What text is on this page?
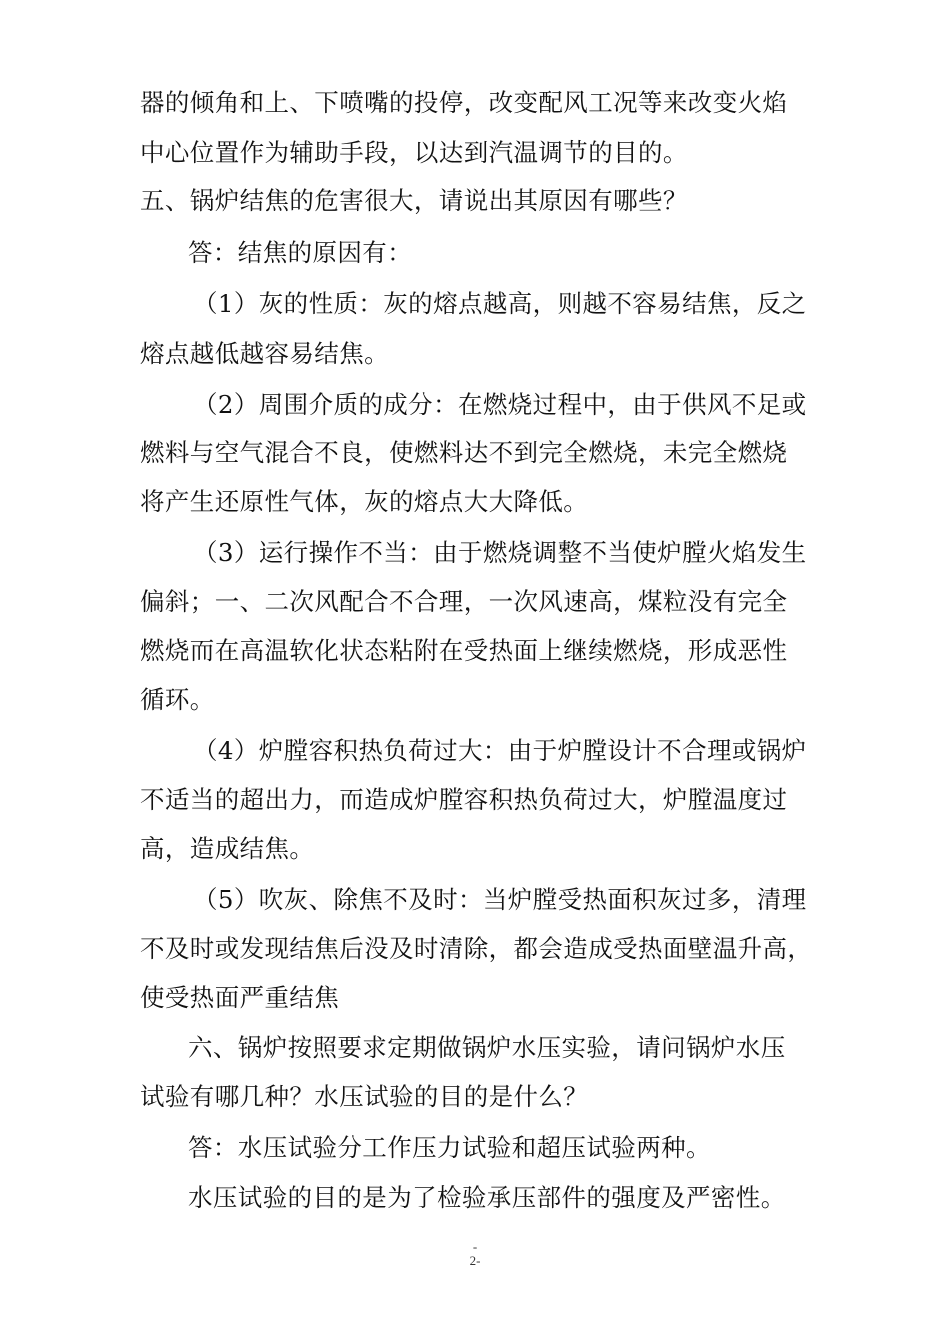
器的倾角和上、下喷嘴的投停，改变配风工况等来改变火焰
中心位置作为辅助手段，以达到汽温调节的目的。
五、锅炉结焦的危害很大，请说出其原因有哪些？
答：结焦的原因有：
（1）灰的性质：灰的熔点越高，则越不容易结焦，反之
熔点越低越容易结焦。
（2）周围介质的成分：在燃烧过程中，由于供风不足或
燃料与空气混合不良，使燃料达不到完全燃烧，未完全燃烧
将产生还原性气体，灰的熔点大大降低。
（3）运行操作不当：由于燃烧调整不当使炉膛火焰发生
偏斜；一、二次风配合不合理，一次风速高，煤粒没有完全
燃烧而在高温软化状态粘附在受热面上继续燃烧，形成恶性
循环。
（4）炉膛容积热负荷过大：由于炉膛设计不合理或锅炉
不适当的超出力，而造成炉膛容积热负荷过大，炉膛温度过
高，造成结焦。
（5）吹灰、除焦不及时：当炉膛受热面积灰过多，清理
不及时或发现结焦后没及时清除，都会造成受热面壁温升高，
使受热面严重结焦
六、锅炉按照要求定期做锅炉水压实验，请问锅炉水压
试验有哪几种？水压试验的目的是什么？
答：水压试验分工作压力试验和超压试验两种。
水压试验的目的是为了检验承压部件的强度及严密性。
-
2-
